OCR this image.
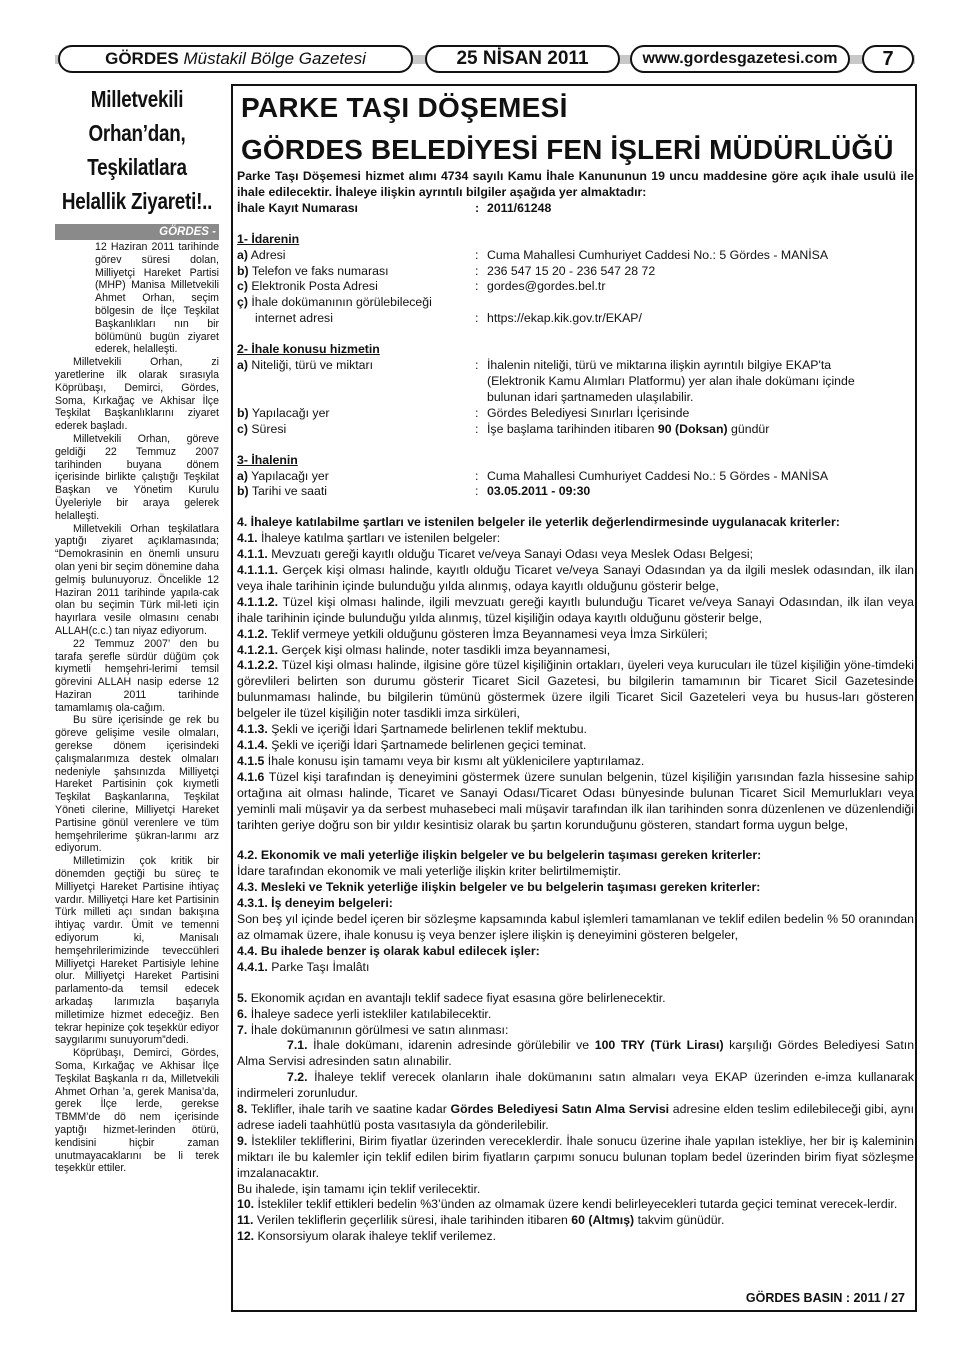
GÖRDES
Müstakil Bölge Gazetesi	25 NİSAN 2011	www.gordesgazetesi.com	7
Milletvekili Orhan’dan,
Teşkilatlara
Helallik Ziyareti!..
GÖRDES -

12 Haziran 2011 tarihinde görev süresi dolan, Milliyetçi Hareket Partisi (MHP) Manisa Milletvekili Ahmet Orhan, seçim bölgesin de İlçe Teşkilat Başkanlıkları nın bir bölümünü bugün ziyaret ederek, helalleşti.

Milletvekili Orhan, zi yaretlerine ilk olarak sırasıyla Köprübaşı, Demirci, Gördes, Soma, Kırkağaç ve Akhisar İlçe Teşkilat Başkanlıklarını ziyaret ederek başladı.

Milletvekili Orhan, göreve geldiği 22 Temmuz 2007 tarihinden buyana dönem içerisinde birlikte çalıştığı Teşkilat Başkan ve Yönetim Kurulu Üyeleriyle bir araya gelerek helalleşti.

Milletvekili Orhan teşkilatlara yaptığı ziyaret açıklamasında; “Demokrasinin en önemli unsuru olan yeni bir seçim dönemine daha gelmiş bulunuyoruz. Öncelikle 12 Haziran 2011 tarihinde yapıla-cak olan bu seçimin Türk mil-leti için hayırlara vesile olmasını cenabı ALLAH(c.c.) tan niyaz ediyorum.

22 Temmuz 2007’ den bu tarafa şerefle sürdür düğüm çok kıymetli hemşehri-lerimi temsil görevini ALLAH nasip ederse 12 Haziran 2011 tarihinde tamamlamış ola-cağım.

Bu süre içerisinde ge rek bu göreve gelişime vesile olmaları, gerekse dönem içerisindeki çalışmalarımıza destek olmaları nedeniyle şahsınızda Milliyetçi Hareket Partisinin çok kıymetli Teşkilat Başkanlarına, Teşkilat Yöneti cilerine, Milliyetçi Hareket Partisine gönül verenlere ve tüm hemşehrilerime şükran-larımı arz ediyorum.

Milletimizin çok kritik bir dönemden geçtiği bu süreç te Milliyetçi Hareket Partisine ihtiyaç vardır. Milliyetçi Hare ket Partisinin Türk milleti açı sından bakışına ihtiyaç vardır. Ümit ve temenni ediyorum ki, Manisalı hemşehrilerimizinde teveccühleri Milliyetçi Hareket Partisiyle lehine olur. Milliyetçi Hareket Partisini parlamento-da temsil edecek arkadaş larımızla başarıyla milletimize hizmet edeceğiz. Ben tekrar hepinize çok teşekkür ediyor saygılarımı sunuyorum”dedi.

Köprübaşı, Demirci, Gördes, Soma, Kırkağaç ve Akhisar İlçe Teşkilat Başkanla rı da, Milletvekili Ahmet Orhan ’a, gerek Manisa’da, gerek İlçe lerde, gerekse TBMM’de dö nem içerisinde yaptığı hizmet-lerinden ötürü, kendisini hiçbir zaman unutmayacaklarını be li terek teşekkür ettiler.

PARKE TAŞI DÖŞEMESİ
GÖRDES BELEDİYESİ FEN İŞLERİ MÜDÜRLÜĞÜ

Parke Taşı Döşemesi hizmet alımı 4734 sayılı Kamu İhale Kanununun 19 uncu maddesine göre açık ihale usulü ile ihale edilecektir. İhaleye ilişkin ayrıntılı bilgiler aşağıda yer almaktadır:

İhale Kayıt Numarası	: 2011/61248
1- İdarenin
a) Adresi	: Cuma Mahallesi Cumhuriyet Caddesi No.: 5 Gördes - MANİSA
b) Telefon ve faks numarası	: 236 547 15 20 - 236 547 28 72
c) Elektronik Posta Adresi	: gordes@gordes.bel.tr
ç) İhale dokümanının görülebileceği
internet adresi	: https://ekap.kik.gov.tr/EKAP/
2- İhale konusu hizmetin
a) Niteliği, türü ve miktarı	: İhalenin niteliği, türü ve miktarına ilişkin ayrıntılı bilgiye EKAP'ta
(Elektronik Kamu Alımları Platformu) yer alan ihale dokümanı içinde
bulunan idari şartnameden ulaşılabilir.
b) Yapılacağı yer	: Gördes Belediyesi Sınırları İçerisinde
c) Süresi	: İşe başlama tarihinden itibaren 90 (Doksan) gündür
3- İhalenin
a) Yapılacağı yer	: Cuma Mahallesi Cumhuriyet Caddesi No.: 5 Gördes - MANİSA
b) Tarihi ve saati	: 03.05.2011 - 09:30

4. İhaleye katılabilme şartları ve istenilen belgeler ile yeterlik değerlendirmesinde uygulanacak kriterler:

4.1. İhaleye katılma şartları ve istenilen belgeler:

4.1.1. Mevzuatı gereği kayıtlı olduğu Ticaret ve/veya Sanayi Odası veya Meslek Odası Belgesi;

4.1.1.1. Gerçek kişi olması halinde, kayıtlı olduğu Ticaret ve/veya Sanayi Odasından ya da ilgili meslek odasından, ilk ilan veya ihale tarihinin içinde bulunduğu yılda alınmış, odaya kayıtlı olduğunu gösterir belge,

4.1.1.2. Tüzel kişi olması halinde, ilgili mevzuatı gereği kayıtlı bulunduğu Ticaret ve/veya Sanayi Odasından, ilk ilan veya ihale tarihinin içinde bulunduğu yılda alınmış, tüzel kişiliğin odaya kayıtlı olduğunu gösterir belge,

4.1.2. Teklif vermeye yetkili olduğunu gösteren İmza Beyannamesi veya İmza Sirküleri;

4.1.2.1. Gerçek kişi olması halinde, noter tasdikli imza beyannamesi,

4.1.2.2. Tüzel kişi olması halinde, ilgisine göre tüzel kişiliğinin ortakları, üyeleri veya kurucuları ile tüzel kişiliğin yöne-timdeki görevlileri belirten son durumu gösterir Ticaret Sicil Gazetesi, bu bilgilerin tamamının bir Ticaret Sicil Gazetesinde bulunmaması halinde, bu bilgilerin tümünü göstermek üzere ilgili Ticaret Sicil Gazeteleri veya bu husus-ları gösteren belgeler ile tüzel kişiliğin noter tasdikli imza sirküleri,

4.1.3. Şekli ve içeriği İdari Şartnamede belirlenen teklif mektubu.

4.1.4. Şekli ve içeriği İdari Şartnamede belirlenen geçici teminat.

4.1.5 İhale konusu işin tamamı veya bir kısmı alt yüklenicilere yaptırılamaz.

4.1.6 Tüzel kişi tarafından iş deneyimini göstermek üzere sunulan belgenin, tüzel kişiliğin yarısından fazla hissesine sahip ortağına ait olması halinde, Ticaret ve Sanayi Odası/Ticaret Odası bünyesinde bulunan Ticaret Sicil Memurlukları veya yeminli mali müşavir ya da serbest muhasebeci mali müşavir tarafından ilk ilan tarihinden sonra düzenlenen ve düzenlendiği tarihten geriye doğru son bir yıldır kesintisiz olarak bu şartın korunduğunu gösteren, standart forma uygun belge,

4.2. Ekonomik ve mali yeterliğe ilişkin belgeler ve bu belgelerin taşıması gereken kriterler:

İdare tarafından ekonomik ve mali yeterliğe ilişkin kriter belirtilmemiştir.

4.3. Mesleki ve Teknik yeterliğe ilişkin belgeler ve bu belgelerin taşıması gereken kriterler:

4.3.1. İş deneyim belgeleri:

Son beş yıl içinde bedel içeren bir sözleşme kapsamında kabul işlemleri tamamlanan ve teklif edilen bedelin % 50 oranından az olmamak üzere, ihale konusu iş veya benzer işlere ilişkin iş deneyimini gösteren belgeler,

4.4. Bu ihalede benzer iş olarak kabul edilecek işler:

4.4.1. Parke Taşı İmalâtı

5. Ekonomik açıdan en avantajlı teklif sadece fiyat esasına göre belirlenecektir.

6. İhaleye sadece yerli istekliler katılabilecektir.

7. İhale dokümanının görülmesi ve satın alınması:

7.1. İhale dokümanı, idarenin adresinde görülebilir ve 100 TRY (Türk Lirası) karşılığı Gördes Belediyesi Satın Alma Servisi adresinden satın alınabilir.

7.2. İhaleye teklif verecek olanların ihale dokümanını satın almaları veya EKAP üzerinden e-imza kullanarak indirmeleri zorunludur.

8. Teklifler, ihale tarih ve saatine kadar Gördes Belediyesi Satın Alma Servisi adresine elden teslim edilebileceği gibi, aynı adrese iadeli taahhütlü posta vasıtasıyla da gönderilebilir.

9. İstekliler tekliflerini, Birim fiyatlar üzerinden vereceklerdir. İhale sonucu üzerine ihale yapılan istekliye, her bir iş kaleminin miktarı ile bu kalemler için teklif edilen birim fiyatların çarpımı sonucu bulunan toplam bedel üzerinden birim fiyat sözleşme imzalanacaktır.

Bu ihalede, işin tamamı için teklif verilecektir.

10. İstekliler teklif ettikleri bedelin %3’ünden az olmamak üzere kendi belirleyecekleri tutarda geçici teminat verecek-lerdir.

11. Verilen tekliflerin geçerlilik süresi, ihale tarihinden itibaren 60 (Altmış) takvim günüdür.

12. Konsorsiyum olarak ihaleye teklif verilemez.

GÖRDES BASIN : 2011 / 27
